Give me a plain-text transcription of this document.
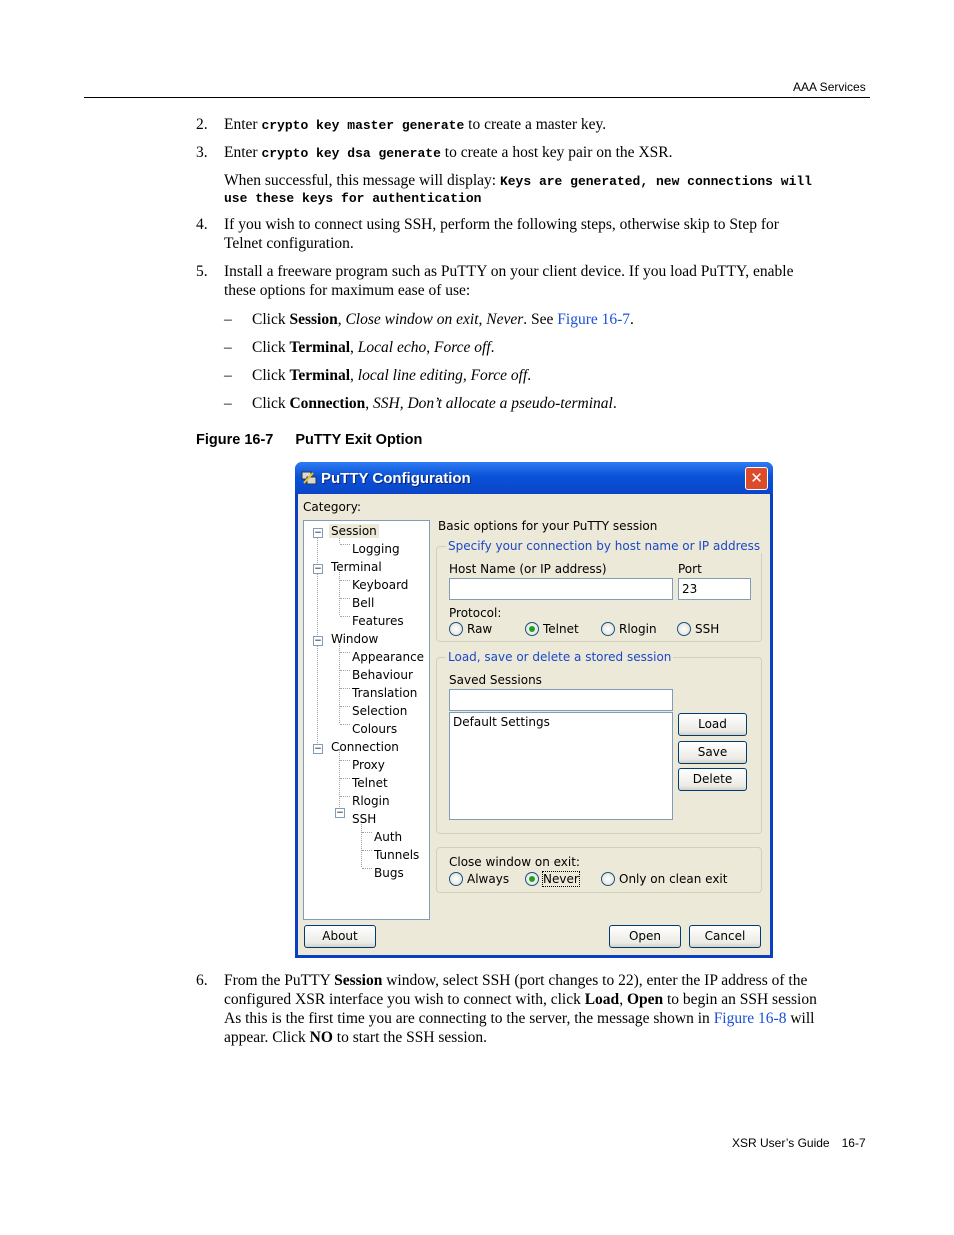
AAA Services
2.	Enter crypto key master generate to create a master key.
3.	Enter crypto key dsa generate to create a host key pair on the XSR.
When successful, this message will display: Keys are generated, new connections will
use these keys for authentication
4.	If you wish to connect using SSH, perform the following steps, otherwise skip to Step for
Telnet configuration.
5.	Install a freeware program such as PuTTY on your client device. If you load PuTTY, enable
these options for maximum ease of use:
– Click Session, Close window on exit, Never. See Figure 16-7.
– Click Terminal, Local echo, Force off.
– Click Terminal, local line editing, Force off.
– Click Connection, SSH, Don’t allocate a pseudo-terminal.
Figure 16-7 PuTTY Exit Option
PuTTY Configuration	✕
Category:
− Session
Logging
− Terminal
Keyboard
Bell
Features
− Window
Appearance
Behaviour
Translation
Selection
Colours
− Connection
Proxy
Telnet
Rlogin
− SSH
Auth
Tunnels
Bugs
Basic options for your PuTTY session
Specify your connection by host name or IP address
Host Name (or IP address)	Port
23
Protocol:
Raw	Telnet	Rlogin	SSH
Load, save or delete a stored session
Saved Sessions
Default Settings	Load
Save
Delete
Close window on exit:
Always	Never	Only on clean exit
About	Open	Cancel
6.	From the PuTTY Session window, select SSH (port changes to 22), enter the IP address of the
configured XSR interface you wish to connect with, click Load, Open to begin an SSH session
As this is the first time you are connecting to the server, the message shown in Figure 16-8 will
appear. Click NO to start the SSH session.
XSR User’s Guide 16-7
